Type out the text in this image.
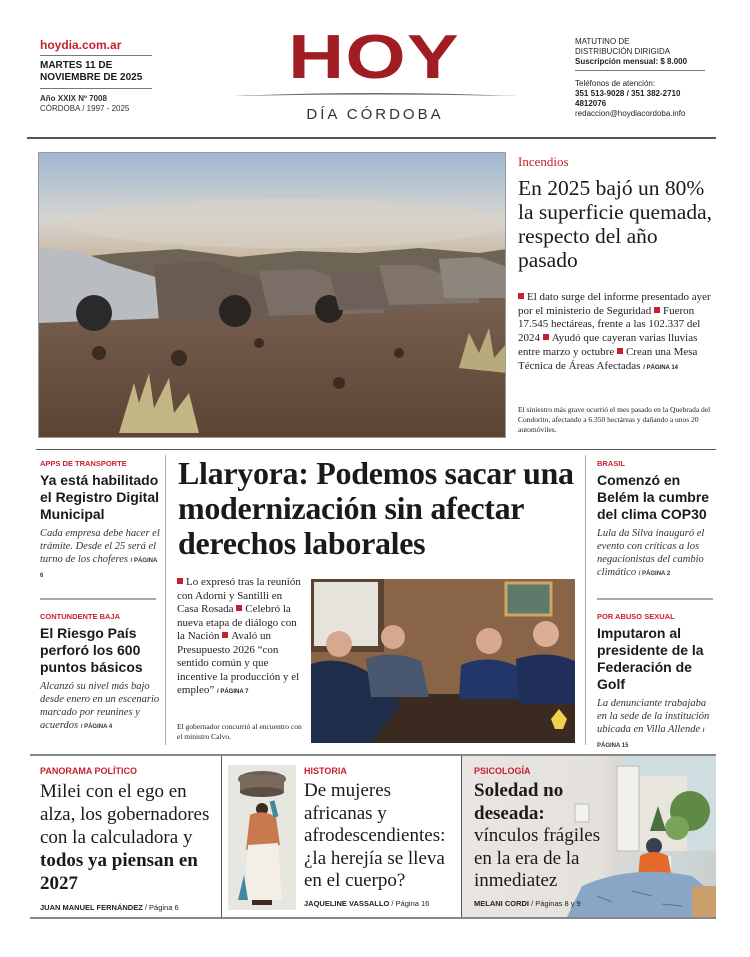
hoydia.com.ar
MARTES 11 DE
NOVIEMBRE DE 2025
Año XXIX Nº 7008
CÓRDOBA / 1997 - 2025
HOY
DÍA CÓRDOBA
MATUTINO DE
DISTRIBUCIÓN DIRIGIDA
Suscripción mensual: $ 8.000
Teléfonos de atención:
351 513-9028 / 351 382-2710
4812076
redaccion@hoydiacordoba.info
Incendios
En 2025 bajó un 80% la superficie quemada, respecto del año pasado
El dato surge del informe presentado ayer por el ministerio de Seguridad Fueron 17.545 hectáreas, frente a las 102.337 del 2024 Ayudó que cayeran varias lluvias entre marzo y octubre Crean una Mesa Técnica de Áreas Afectadas / PÁGINA 14
El siniestro más grave ocurrió el mes pasado en la Quebrada del Condorito, afectando a 6.350 hectáreas y dañando a unos 20 automóviles.
APPS DE TRANSPORTE
Ya está habilitado el Registro Digital Municipal
Cada empresa debe hacer el trámite. Desde el 25 será el turno de los choferes / PÁGINA 6
CONTUNDENTE BAJA
El Riesgo País perforó los 600 puntos básicos
Alcanzó su nivel más bajo desde enero en un escenario marcado por reunines y acuerdos / PÁGINA 4
Llaryora: Podemos sacar una modernización sin afectar derechos laborales
Lo expresó tras la reunión con Adorni y Santilli en Casa Rosada Celebró la nueva etapa de diálogo con la Nación Avaló un Presupuesto 2026 “con sentido común y que incentive la producción y el empleo” / PÁGINA 7
El gobernador concurrió al encuentro con el ministro Calvo.
BRASIL
Comenzó en Belém la cumbre del clima COP30
Lula da Silva inauguró el evento con críticas a los negacionistas del cambio climático / PÁGINA 2
POR ABUSO SEXUAL
Imputaron al presidente de la Federación de Golf
La denunciante trabajaba en la sede de la institución ubicada en Villa Allende / PÁGINA 15
PANORAMA POLÍTICO
Milei con el ego en alza, los gobernadores con la calculadora y todos ya piensan en 2027
JUAN MANUEL FERNÁNDEZ / Página 6
HISTORIA
De mujeres africanas y afrodescendientes: ¿la herejía se lleva en el cuerpo?
JAQUELINE VASSALLO / Página 16
PSICOLOGÍA
Soledad no deseada:
vínculos frágiles en la era de la inmediatez
MELANI CORDI / Páginas 8 y 9
